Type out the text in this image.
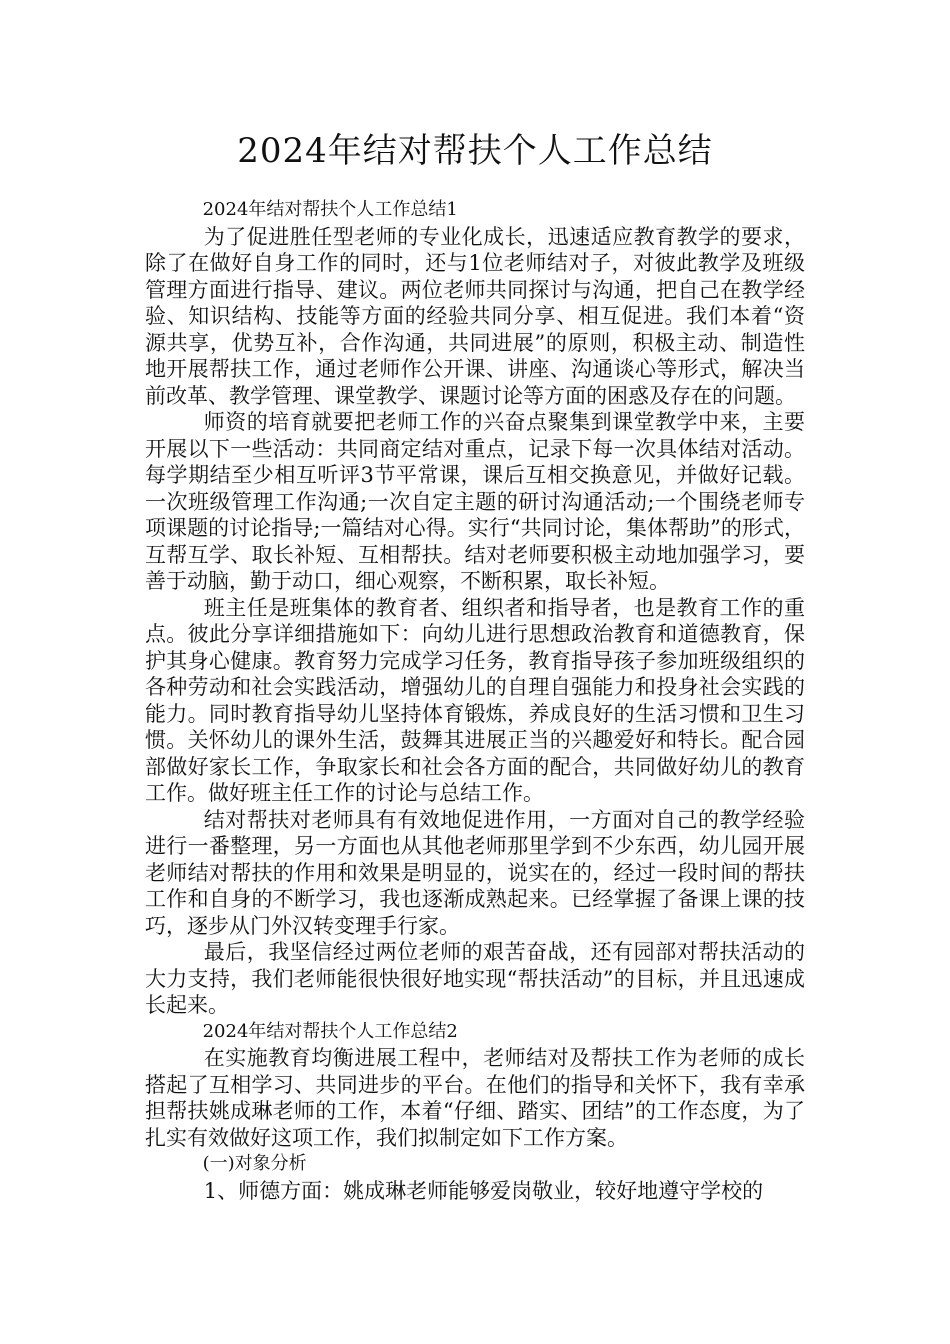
2024年结对帮扶个人工作总结

2024年结对帮扶个人工作总结1

为了促进胜任型老师的专业化成长，迅速适应教育教学的要求，除了在做好自身工作的同时，还与1位老师结对子，对彼此教学及班级管理方面进行指导、建议。两位老师共同探讨与沟通，把自己在教学经验、知识结构、技能等方面的经验共同分享、相互促进。我们本着“资源共享，优势互补，合作沟通，共同进展”的原则，积极主动、制造性地开展帮扶工作，通过老师作公开课、讲座、沟通谈心等形式，解决当前改革、教学管理、课堂教学、课题讨论等方面的困惑及存在的问题。

师资的培育就要把老师工作的兴奋点聚集到课堂教学中来，主要开展以下一些活动：共同商定结对重点，记录下每一次具体结对活动。每学期结至少相互听评3节平常课，课后互相交换意见，并做好记载。一次班级管理工作沟通;一次自定主题的研讨沟通活动;一个围绕老师专项课题的讨论指导;一篇结对心得。实行“共同讨论，集体帮助”的形式，互帮互学、取长补短、互相帮扶。结对老师要积极主动地加强学习，要善于动脑，勤于动口，细心观察，不断积累，取长补短。

班主任是班集体的教育者、组织者和指导者，也是教育工作的重点。彼此分享详细措施如下：向幼儿进行思想政治教育和道德教育，保护其身心健康。教育努力完成学习任务，教育指导孩子参加班级组织的各种劳动和社会实践活动，增强幼儿的自理自强能力和投身社会实践的能力。同时教育指导幼儿坚持体育锻炼，养成良好的生活习惯和卫生习惯。关怀幼儿的课外生活，鼓舞其进展正当的兴趣爱好和特长。配合园部做好家长工作，争取家长和社会各方面的配合，共同做好幼儿的教育工作。做好班主任工作的讨论与总结工作。

结对帮扶对老师具有有效地促进作用，一方面对自己的教学经验进行一番整理，另一方面也从其他老师那里学到不少东西，幼儿园开展老师结对帮扶的作用和效果是明显的，说实在的，经过一段时间的帮扶工作和自身的不断学习，我也逐渐成熟起来。已经掌握了备课上课的技巧，逐步从门外汉转变理手行家。

最后，我坚信经过两位老师的艰苦奋战，还有园部对帮扶活动的大力支持，我们老师能很快很好地实现“帮扶活动”的目标，并且迅速成长起来。

2024年结对帮扶个人工作总结2

在实施教育均衡进展工程中，老师结对及帮扶工作为老师的成长搭起了互相学习、共同进步的平台。在他们的指导和关怀下，我有幸承担帮扶姚成琳老师的工作，本着“仔细、踏实、团结”的工作态度，为了扎实有效做好这项工作，我们拟制定如下工作方案。

(一)对象分析

1、师德方面：姚成琳老师能够爱岗敬业，较好地遵守学校的
